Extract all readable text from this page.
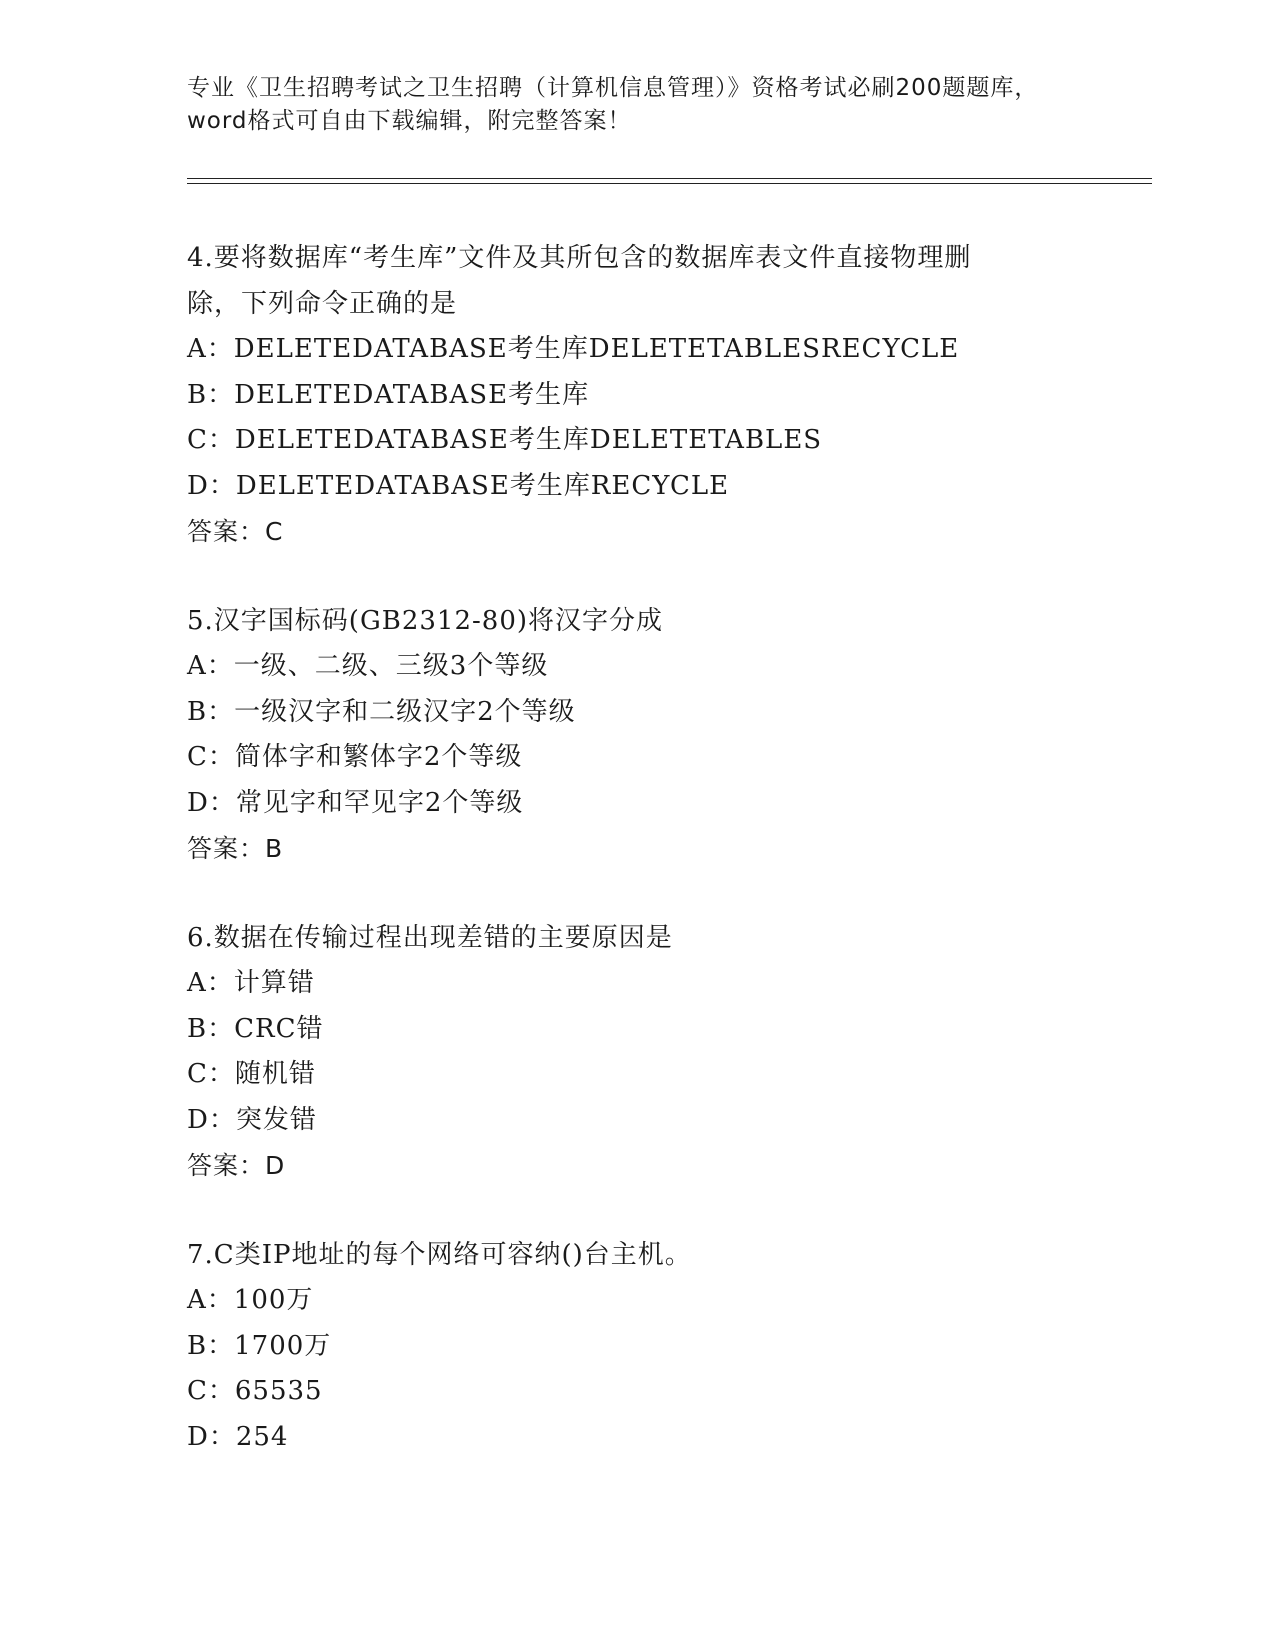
专业《卫生招聘考试之卫生招聘（计算机信息管理）》资格考试必刷200题题库，
word格式可自由下载编辑，附完整答案！
4.要将数据库“考生库”文件及其所包含的数据库表文件直接物理删
除，下列命令正确的是
A：DELETEDATABASE考生库DELETETABLESRECYCLE
B：DELETEDATABASE考生库
C：DELETEDATABASE考生库DELETETABLES
D：DELETEDATABASE考生库RECYCLE
答案：C
5.汉字国标码(GB2312-80)将汉字分成
A：一级、二级、三级3个等级
B：一级汉字和二级汉字2个等级
C：简体字和繁体字2个等级
D：常见字和罕见字2个等级
答案：B
6.数据在传输过程出现差错的主要原因是
A：计算错
B：CRC错
C：随机错
D：突发错
答案：D
7.C类IP地址的每个网络可容纳()台主机。
A：100万
B：1700万
C：65535
D：254
